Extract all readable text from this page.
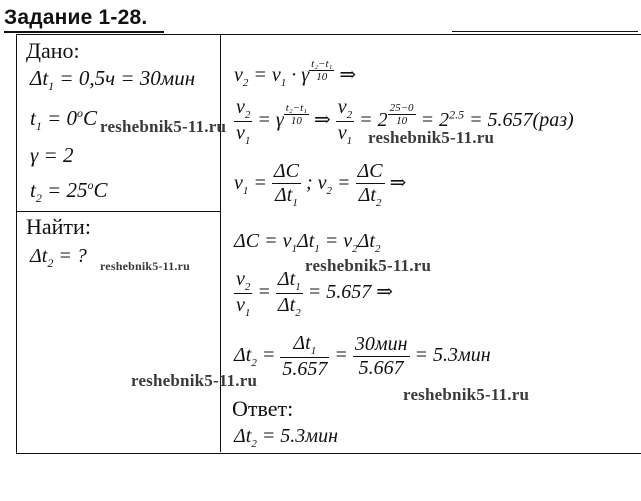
Задание 1-28.
Дано:
$\Delta t_1 = 0,5ч = 30мин$
$t_1 = 0^oC$
γ = 2
$t_2 = 25^oC$
Найти:
$\Delta t_2$ = ?
$v_2 = v_1 \cdot \gamma$ $^{\frac{\text{t₂−t₁}}{10}}$ ⇒
$\frac{v_2}{v_1} = \gamma$ $^{\frac{\text{t₂−t₁}}{10}}$ ⇒ $\frac{v_2}{v_1} = 2$ $^{\frac{25-0}{10}} = 2^{2.5} = 5.657(раз)$
$v_1 = \frac{\Delta C}{\Delta t_1}$ ; $v_2 = \frac{\Delta C}{\Delta t_2}$ ⇒
$\Delta C = v_1\Delta t_1 = v_2\Delta t_2$
$\frac{v_2}{v_1} = \frac{\Delta t_1}{\Delta t_2} = 5.657$ ⇒
$\Delta t_2 = \frac{\Delta t_1}{5.657} = \frac{\text{30мин}}{5.667} = 5.3мин$
Ответ:
$\Delta t_2 = 5.3мин$
reshebnik5-11.ru
reshebnik5-11.ru
reshebnik5-11.ru	reshebnik5-11.ru
reshebnik5-11.ru
reshebnik5-11.ru
